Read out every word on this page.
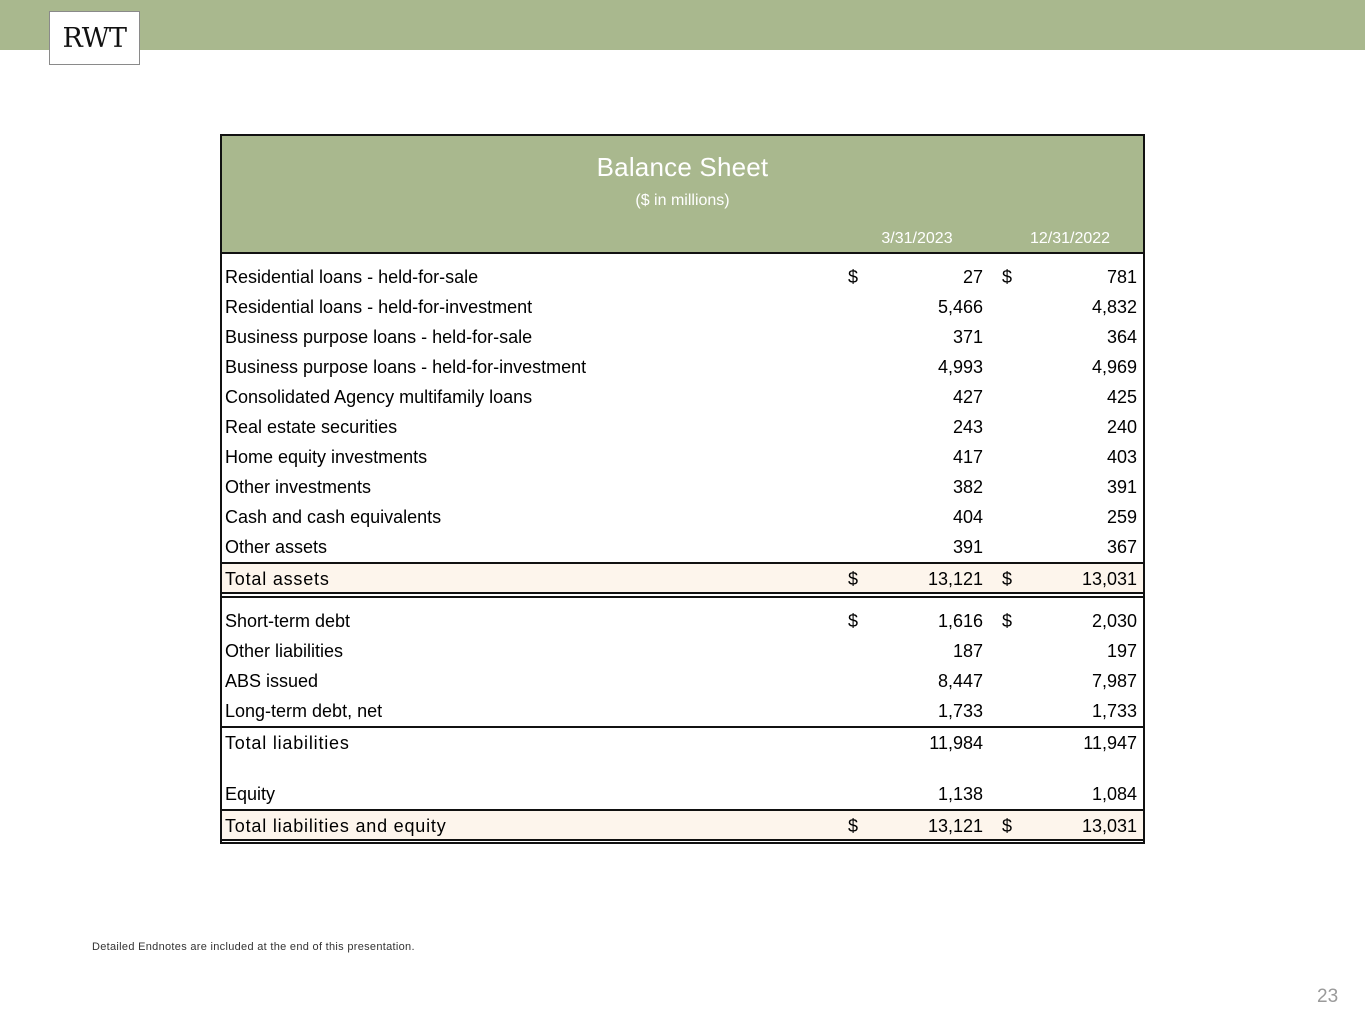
RWT
Balance Sheet
($ in millions)
3/31/2023	12/31/2022
Residential loans - held-for-sale	$	27 $	781
Residential loans - held-for-investment	5,466	4,832
Business purpose loans - held-for-sale	371	364
Business purpose loans - held-for-investment	4,993	4,969
Consolidated Agency multifamily loans	427	425
Real estate securities	243	240
Home equity investments	417	403
Other investments	382	391
Cash and cash equivalents	404	259
Other assets	391	367
Total assets	$	13,121 $	13,031
Short-term debt	$	1,616 $	2,030
Other liabilities	187	197
ABS issued	8,447	7,987
Long-term debt, net	1,733	1,733
Total liabilities	11,984	11,947
Equity	1,138	1,084
Total liabilities and equity	$	13,121 $	13,031
Detailed Endnotes are included at the end of this presentation.
23
